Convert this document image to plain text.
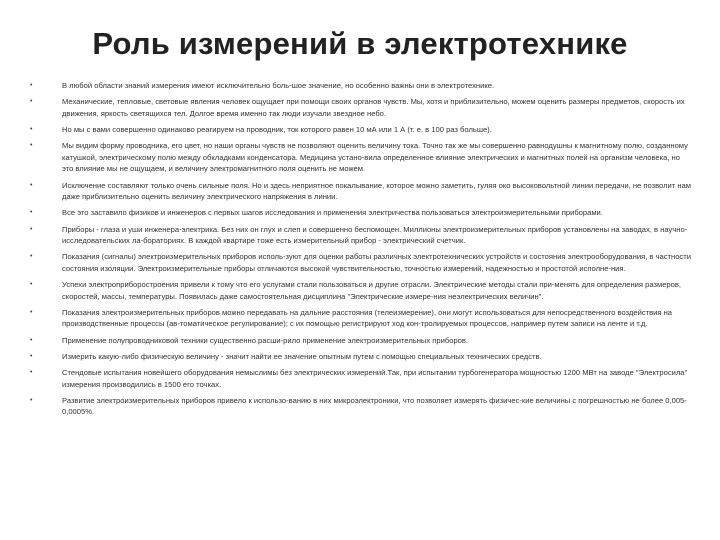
Роль измерений в электротехнике
•	В любой области знаний измерения имеют исключительно боль-шое значение, но особенно важны они в электротехнике.
•	Механические, тепловые, световые явления человек ощущает при помощи своих органов чувств. Мы, хотя и приблизительно, можем оценить размеры предметов, скорость их движения, яркость светящихся тел. Долгое время именно так люди изучали звездное небо.
•	Но мы с вами совершенно одинаково реагируем на проводник, ток которого равен 10 мА или 1 А (т. е. в 100 раз больше).
•	Мы видим форму проводника, его цвет, но наши органы чувств не позволяют оценить величину тока. Точно так же мы совершенно равнодушны к магнитному полю, созданному катушкой, электрическому полю между обкладками конденсатора. Медицина устано-вила определенное влияние электрических и магнитных полей на организм человека, но это влияние мы не ощущаем, и величину электромагнитного поля оценить не можем.
•	Исключение составляют только очень сильные поля. Но и здесь неприятное покалывание, которое можно заметить, гуляя око высоковольтной линии передачи, не позволит нам даже приблизительно оценить величину электрического напряжения в линии.
•	Все это заставило физиков и инженеров с первых шагов исследования и применения электричества пользоваться электроизмерительными приборами.
•	Приборы - глаза и уши инженера-электрика. Без них он глух и слеп и совершенно беспомощен. Миллионы электроизмерительных приборов установлены на заводах, в научно-исследовательских ла-бораториях. В каждой квартире тоже есть измерительный прибор - электрический счетчик.
•	Показания (сигналы) электроизмерительных приборов исполь-зуют для оценки работы различных электротехнических устройств и состояния электрооборудования, в частности состояния изоляции. Электроизмерительные приборы отличаются высокой чувствительностью, точностью измерений, надежностью и простотой исполне-ния.
•	Успехи электроприборостроения привели к тому что его услугами стали пользоваться и другие отрасли. Электрические методы стали при-менять для определения размеров, скоростей, массы, температуры. Появилась даже самостоятельная дисциплина "Электрические измере-ния неэлектрических величин".
•	Показания электроизмерительных приборов можно передавать на дальние расстояния (телеизмерение), они могут использоваться для непосредственного воздействия на производственные процессы (ав-томатическое регулирование); с их помощью регистрируют ход кон-тролируемых процессов, например путем записи на ленте и т.д.
•	Применение полупроводниковой техники существенно расши-рило применение электроизмерительных приборов.
•	Измерить какую-либо физическую величину - значит найти ее значение опытным путем с помощью специальных технических средств.
•	Стендовые испытания новейшего оборудования немыслимы без электрических измерений.Так, при испытании турбогенератора мощностью 1200 МВт на заводе "Электросила" измерения производились в 1500 его точках.
•	Развитие электроизмерительных приборов привело к использо-ванию в них микроэлектроники, что позволяет измерять физичес-кие величины с погрешностью не более 0,005-0,0005%.
